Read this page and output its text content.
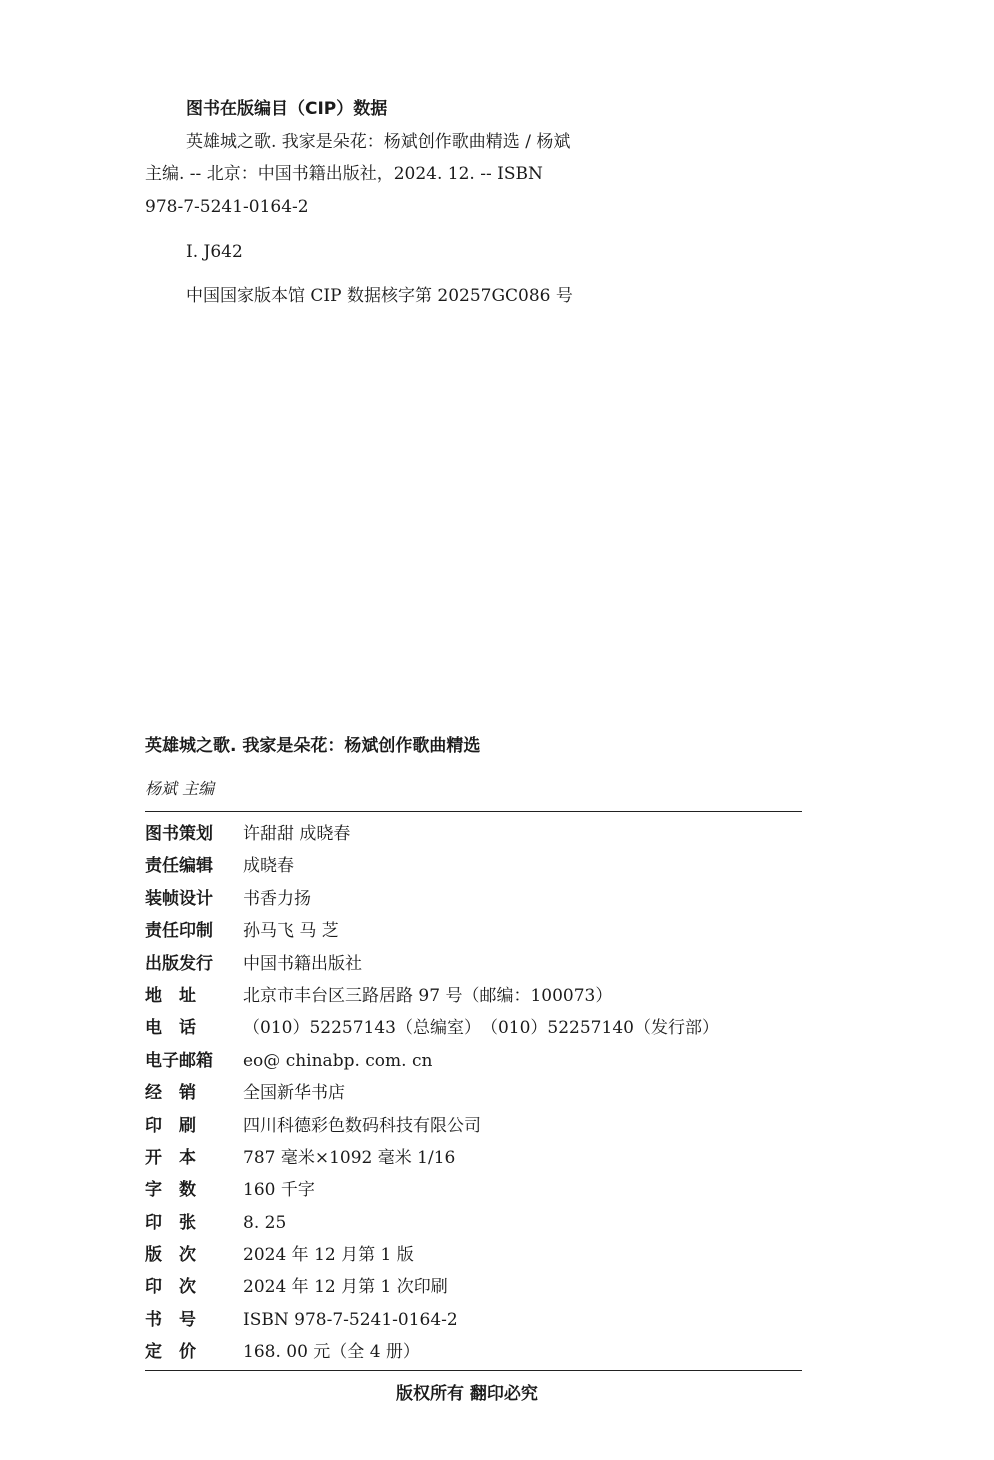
图书在版编目（CIP）数据
英雄城之歌. 我家是朵花：杨斌创作歌曲精选 / 杨斌
主编. -- 北京：中国书籍出版社，2024. 12. -- ISBN
978-7-5241-0164-2
Ⅰ. J642
中国国家版本馆 CIP 数据核字第 20257GC086 号
英雄城之歌. 我家是朵花：杨斌创作歌曲精选
杨斌 主编
图书策划	许甜甜 成晓春
责任编辑	成晓春
装帧设计	书香力扬
责任印制	孙马飞 马 芝
出版发行	中国书籍出版社
地　址	北京市丰台区三路居路 97 号（邮编：100073）
电　话	（010）52257143（总编室）　（010）52257140（发行部）
电子邮箱	eo@ chinabp. com. cn
经　销	全国新华书店
印　刷	四川科德彩色数码科技有限公司
开　本	787 毫米×1092 毫米 1/16
字　数	160 千字
印　张	8. 25
版　次	2024 年 12 月第 1 版
印　次	2024 年 12 月第 1 次印刷
书　号	ISBN 978-7-5241-0164-2
定　价	168. 00 元（全 4 册）
版权所有 翻印必究
